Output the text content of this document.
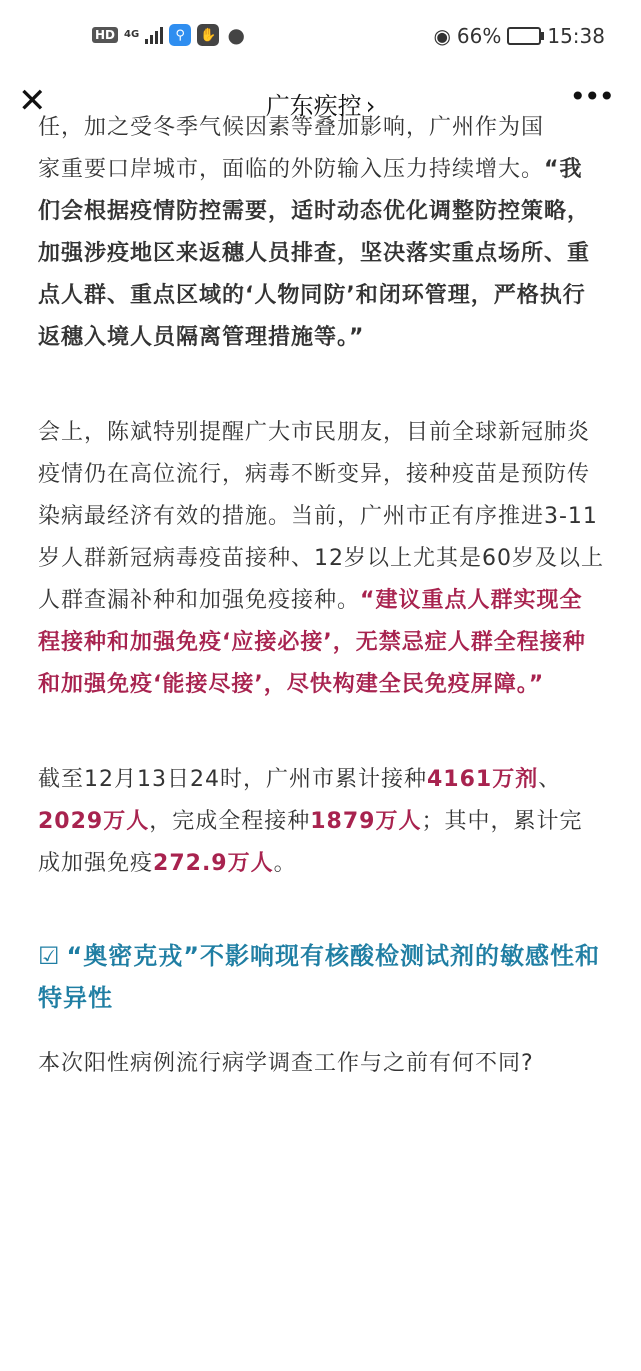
HD 4G	⚲	✋ ●	◉ 66% 15:38
✕	广东疾控 ›	•••

任，加之受冬季气候因素等叠加影响，广州作为国
家重要口岸城市，面临的外防输入压力持续增大。“我们会根据疫情防控需要，适时动态优化调整防控策略，加强涉疫地区来返穗人员排查，坚决落实重点场所、重点人群、重点区域的‘人物同防’和闭环管理，严格执行返穗入境人员隔离管理措施等。”

会上，陈斌特别提醒广大市民朋友，目前全球新冠肺炎疫情仍在高位流行，病毒不断变异，接种疫苗是预防传染病最经济有效的措施。当前，广州市正有序推进3-11岁人群新冠病毒疫苗接种、12岁以上尤其是60岁及以上人群查漏补种和加强免疫接种。“建议重点人群实现全程接种和加强免疫‘应接必接’，无禁忌症人群全程接种和加强免疫‘能接尽接’，尽快构建全民免疫屏障。”

截至12月13日24时，广州市累计接种4161万剂、2029万人，完成全程接种1879万人；其中，累计完成加强免疫272.9万人。

☑ “奥密克戎”不影响现有核酸检测试剂的敏感性和特异性

本次阳性病例流行病学调查工作与之前有何不同?
